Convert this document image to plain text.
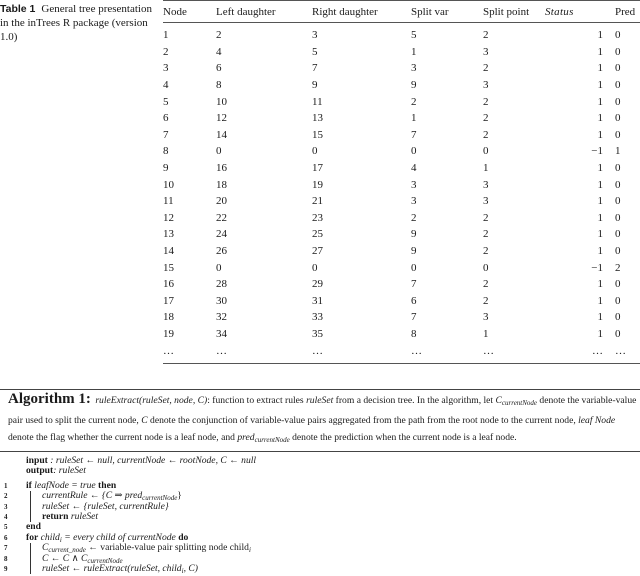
Table 1 General tree presentation in the inTrees R package (version 1.0)
Node	Left daughter	Right daughter	Split var	Split point	Status	Pred
1	2	3	5	2	1	0
2	4	5	1	3	1	0
3	6	7	3	2	1	0
4	8	9	9	3	1	0
5	10	11	2	2	1	0
6	12	13	1	2	1	0
7	14	15	7	2	1	0
8	0	0	0	0	−1	1
9	16	17	4	1	1	0
10	18	19	3	3	1	0
11	20	21	3	3	1	0
12	22	23	2	2	1	0
13	24	25	9	2	1	0
14	26	27	9	2	1	0
15	0	0	0	0	−1	2
16	28	29	7	2	1	0
17	30	31	6	2	1	0
18	32	33	7	3	1	0
19	34	35	8	1	1	0
…	…	…	…	…	…	…
Algorithm 1: ruleExtract(ruleSet, node, C): function to extract rules ruleSet from a decision tree. In the algorithm, let $C_{currentNode}$ denote the variable-value pair used to split the current node, C denote the conjunction of variable-value pairs aggregated from the path from the root node to the current node, leaf Node denote the flag whether the current node is a leaf node, and pred$_{currentNode}$ denote the prediction when the current node is a leaf node.
input : ruleSet ← null, currentNode ← rootNode, C ← null
output: ruleSet
1	if leafNode = true then
2	currentRule ← {C ⇒ pred$_{currentNode}$}
3	ruleSet ← {ruleSet, currentRule}
4	return ruleSet
5	end
6	for child$_i$ = every child of currentNode do
7	$C_{current\_node}$ ← variable-value pair splitting node child$_i$
8	C ← C ∧ $C_{currentNode}$
9	ruleSet ← ruleExtract(ruleSet, child$_i$, C)
